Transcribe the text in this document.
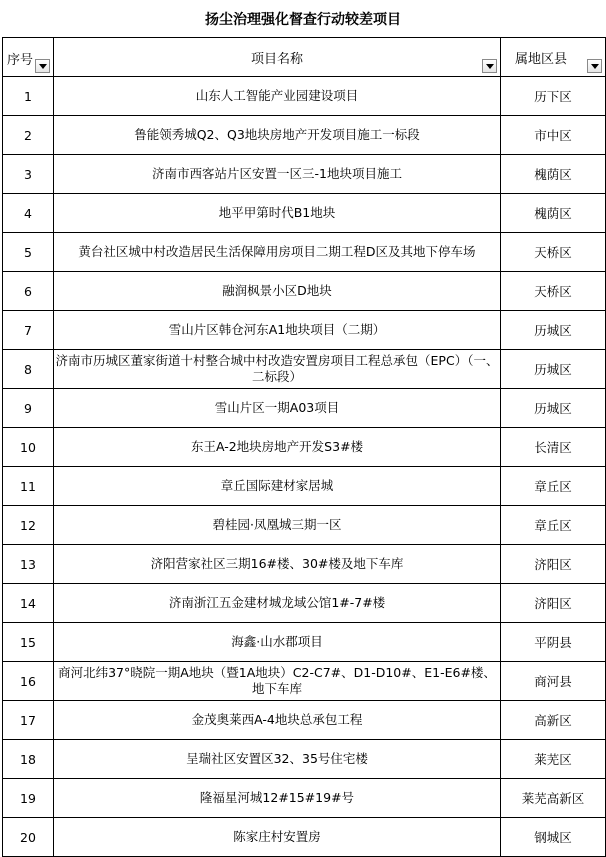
扬尘治理强化督查行动较差项目
序号	项目名称	属地区县

1	山东人工智能产业园建设项目	历下区
2	鲁能领秀城Q2、Q3地块房地产开发项目施工一标段	市中区
3	济南市西客站片区安置一区三-1地块项目施工	槐荫区
4	地平甲第时代B1地块	槐荫区
5	黄台社区城中村改造居民生活保障用房项目二期工程D区及其地下停车场	天桥区
6	融润枫景小区D地块	天桥区
7	雪山片区韩仓河东A1地块项目（二期）	历城区
8	济南市历城区董家街道十村整合城中村改造安置房项目工程总承包（EPC）（一、二标段）	历城区
9	雪山片区一期A03项目	历城区
10	东王A-2地块房地产开发S3#楼	长清区
11	章丘国际建材家居城	章丘区
12	碧桂园·凤凰城三期一区	章丘区
13	济阳营家社区三期16#楼、30#楼及地下车库	济阳区
14	济南浙江五金建材城龙域公馆1#-7#楼	济阳区
15	海鑫·山水郡项目	平阴县
16	商河北纬37°晓院一期A地块（暨1A地块）C2-C7#、D1-D10#、E1-E6#楼、地下车库	商河县
17	金茂奥莱西A-4地块总承包工程	高新区
18	呈瑞社区安置区32、35号住宅楼	莱芜区
19	隆福星河城12#15#19#号	莱芜高新区
20	陈家庄村安置房	钢城区
